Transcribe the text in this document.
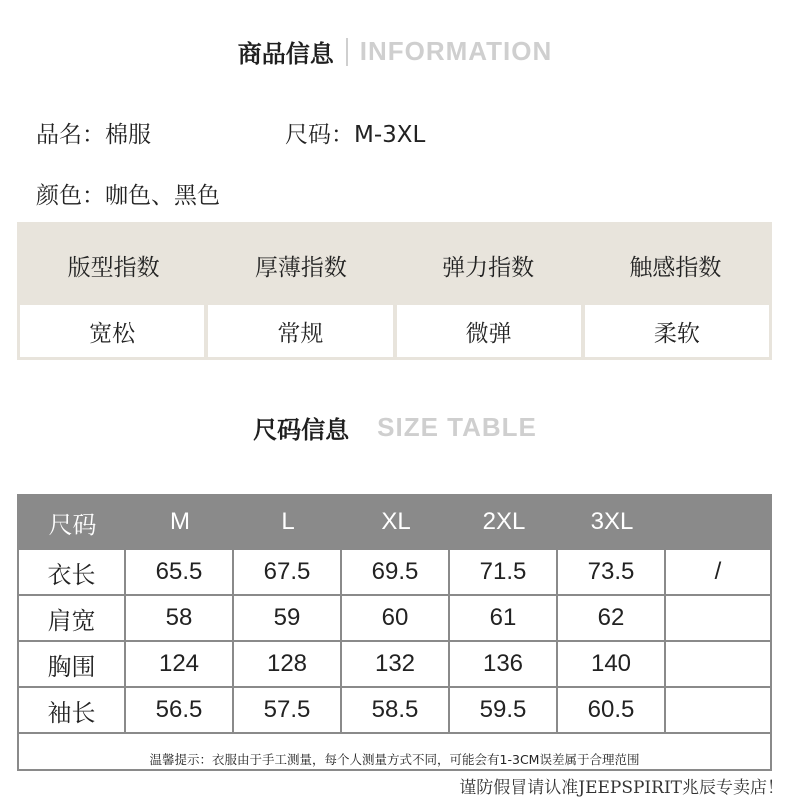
商品信息 INFORMATION
品名：棉服	尺码：M-3XL
颜色：咖色、黑色
版型指数	厚薄指数	弹力指数	触感指数
宽松	常规	微弹	柔软
尺码信息 SIZE TABLE
尺码	M	L	XL	2XL	3XL
衣长	65.5	67.5	69.5	71.5	73.5	/
肩宽	58	59	60	61	62
胸围	124	128	132	136	140
袖长	56.5	57.5	58.5	59.5	60.5
温馨提示：衣服由于手工测量，每个人测量方式不同，可能会有1-3CM误差属于合理范围
谨防假冒请认准JEEPSPIRIT兆辰专卖店！
